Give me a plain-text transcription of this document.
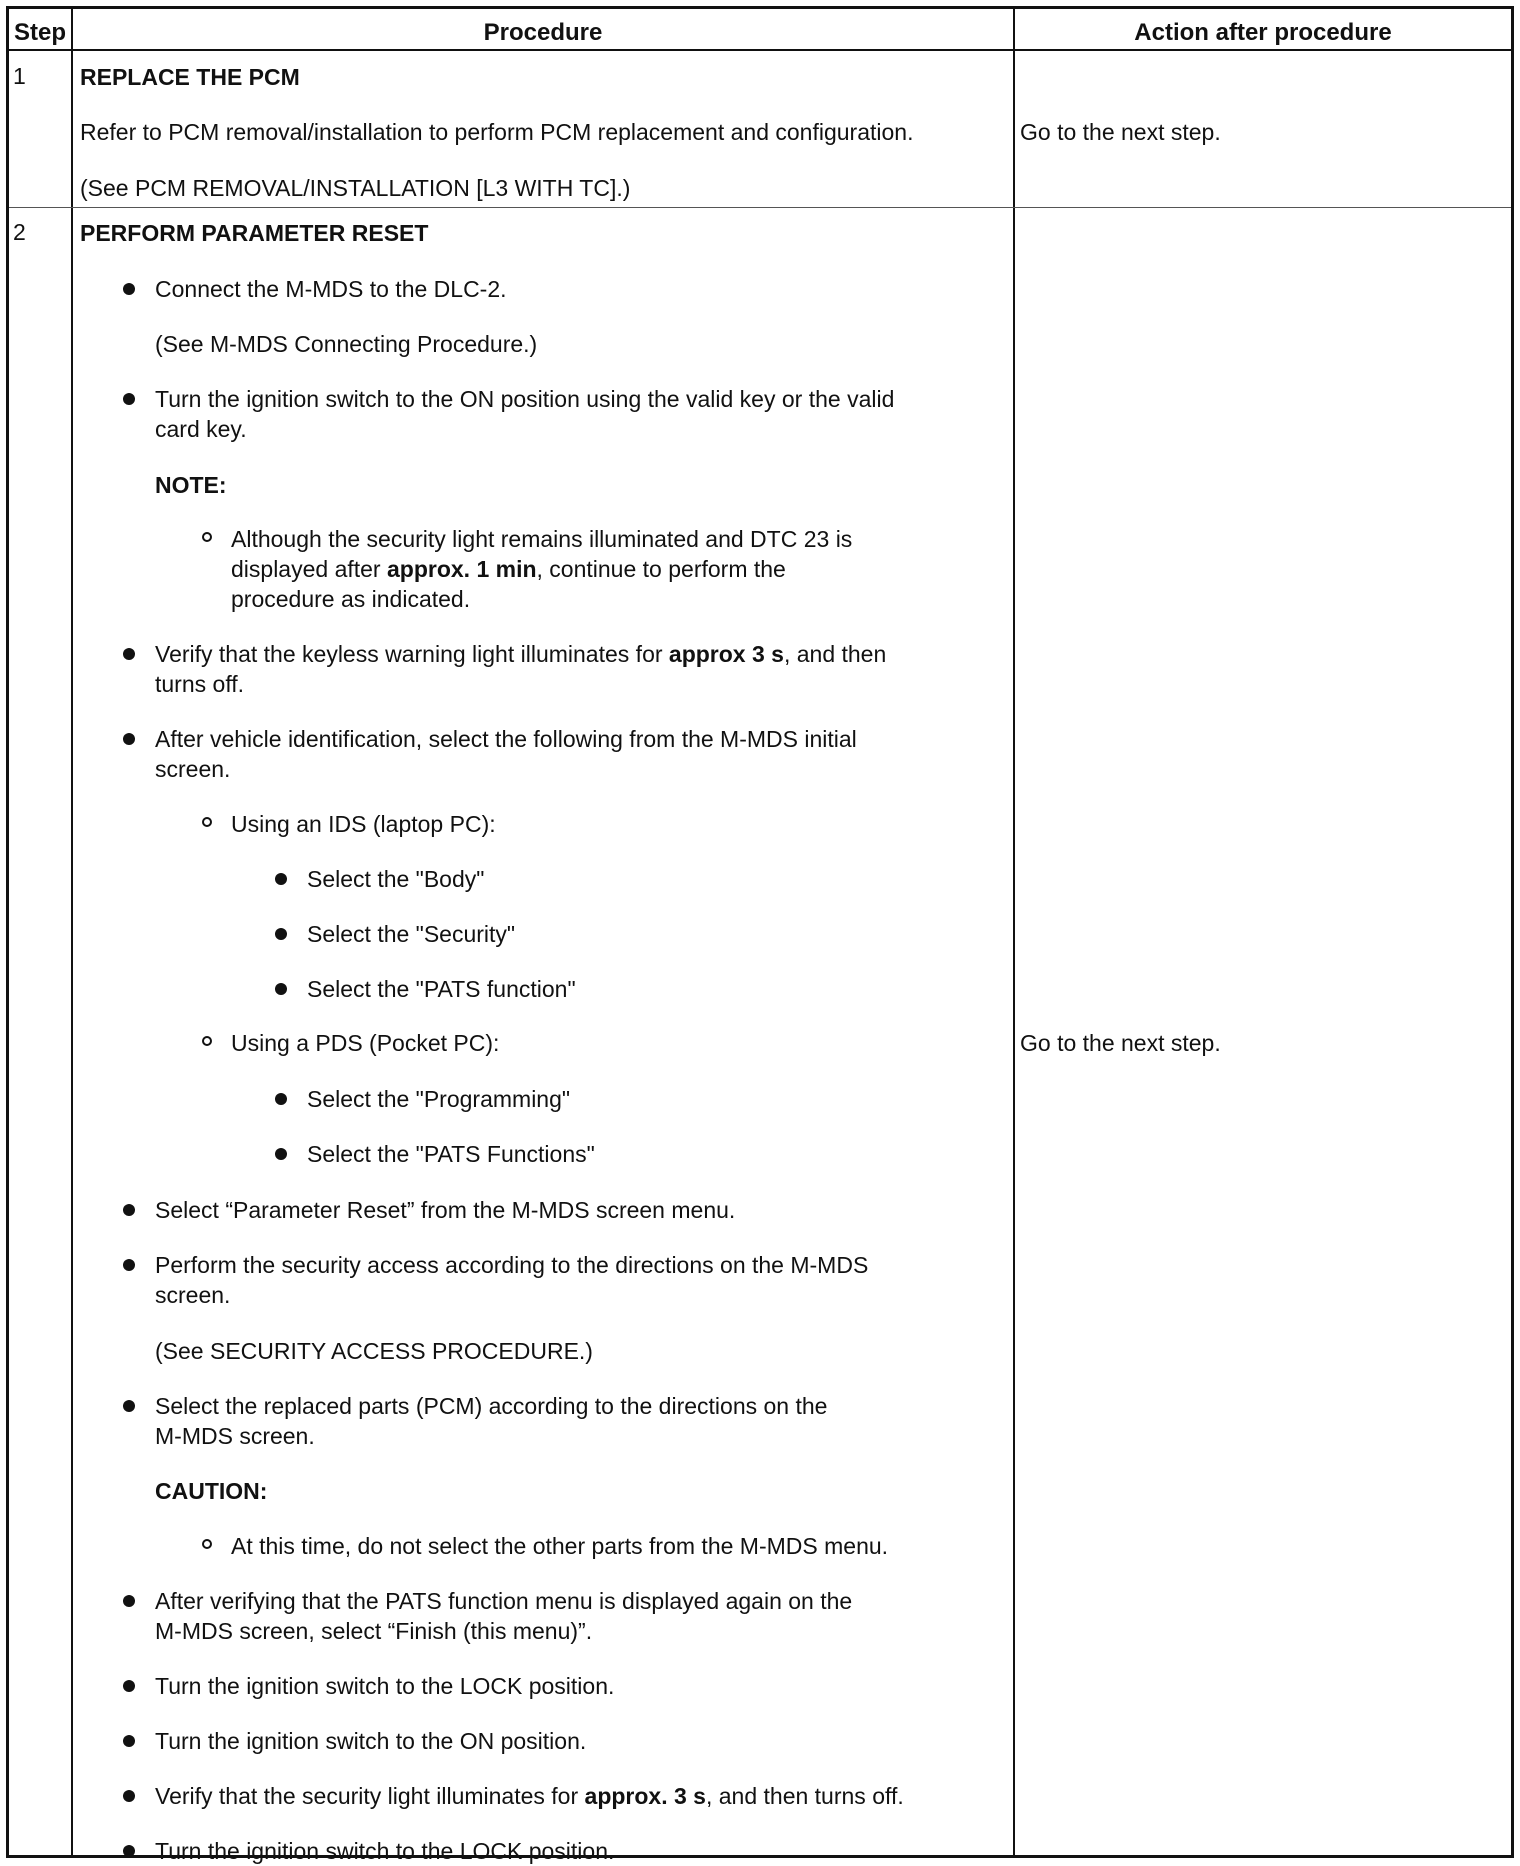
Step	Procedure	Action after procedure
1 REPLACE THE PCM
Refer to PCM removal/installation to perform PCM replacement and configuration.
(See PCM REMOVAL/INSTALLATION [L3 WITH TC].)
Go to the next step.
2 PERFORM PARAMETER RESET
Go to the next step.
Connect the M-MDS to the DLC-2.
(See M-MDS Connecting Procedure.)
Turn the ignition switch to the ON position using the valid key or the valid
card key.
NOTE:
Although the security light remains illuminated and DTC 23 is
displayed after approx. 1 min, continue to perform the
procedure as indicated.
Verify that the keyless warning light illuminates for approx 3 s, and then
turns off.
After vehicle identification, select the following from the M-MDS initial
screen.
Using an IDS (laptop PC):
Select the "Body"
Select the "Security"
Select the "PATS function"
Using a PDS (Pocket PC):
Select the "Programming"
Select the "PATS Functions"
Select “Parameter Reset” from the M-MDS screen menu.
Perform the security access according to the directions on the M-MDS
screen.
(See SECURITY ACCESS PROCEDURE.)
Select the replaced parts (PCM) according to the directions on the
M-MDS screen.
CAUTION:
At this time, do not select the other parts from the M-MDS menu.
After verifying that the PATS function menu is displayed again on the
M-MDS screen, select “Finish (this menu)”.
Turn the ignition switch to the LOCK position.
Turn the ignition switch to the ON position.
Verify that the security light illuminates for approx. 3 s, and then turns off.
Turn the ignition switch to the LOCK position.
